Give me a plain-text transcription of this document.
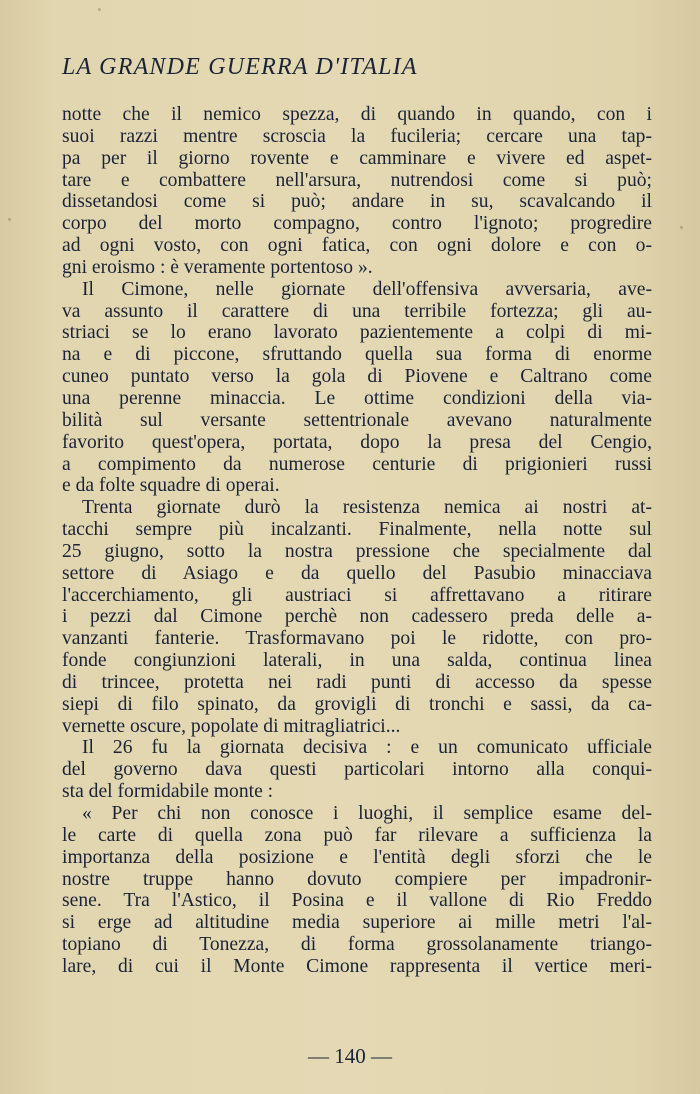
LA GRANDE GUERRA D'ITALIA
notte che il nemico spezza, di quando in quando, con i
suoi razzi mentre scroscia la fucileria; cercare una tap-
pa per il giorno rovente e camminare e vivere ed aspet-
tare e combattere nell'arsura, nutrendosi come si può;
dissetandosi come si può; andare in su, scavalcando il
corpo del morto compagno, contro l'ignoto; progredire
ad ogni vosto, con ogni fatica, con ogni dolore e con o-
gni eroismo : è veramente portentoso ».
Il Cimone, nelle giornate dell'offensiva avversaria, ave-
va assunto il carattere di una terribile fortezza; gli au-
striaci se lo erano lavorato pazientemente a colpi di mi-
na e di piccone, sfruttando quella sua forma di enorme
cuneo puntato verso la gola di Piovene e Caltrano come
una perenne minaccia. Le ottime condizioni della via-
bilità sul versante settentrionale avevano naturalmente
favorito quest'opera, portata, dopo la presa del Cengio,
a compimento da numerose centurie di prigionieri russi
e da folte squadre di operai.
Trenta giornate durò la resistenza nemica ai nostri at-
tacchi sempre più incalzanti. Finalmente, nella notte sul
25 giugno, sotto la nostra pressione che specialmente dal
settore di Asiago e da quello del Pasubio minacciava
l'accerchiamento, gli austriaci si affrettavano a ritirare
i pezzi dal Cimone perchè non cadessero preda delle a-
vanzanti fanterie. Trasformavano poi le ridotte, con pro-
fonde congiunzioni laterali, in una salda, continua linea
di trincee, protetta nei radi punti di accesso da spesse
siepi di filo spinato, da grovigli di tronchi e sassi, da ca-
vernette oscure, popolate di mitragliatrici...
Il 26 fu la giornata decisiva : e un comunicato ufficiale
del governo dava questi particolari intorno alla conqui-
sta del formidabile monte :
« Per chi non conosce i luoghi, il semplice esame del-
le carte di quella zona può far rilevare a sufficienza la
importanza della posizione e l'entità degli sforzi che le
nostre truppe hanno dovuto compiere per impadronir-
sene. Tra l'Astico, il Posina e il vallone di Rio Freddo
si erge ad altitudine media superiore ai mille metri l'al-
topiano di Tonezza, di forma grossolanamente triango-
lare, di cui il Monte Cimone rappresenta il vertice meri-
— 140 —
